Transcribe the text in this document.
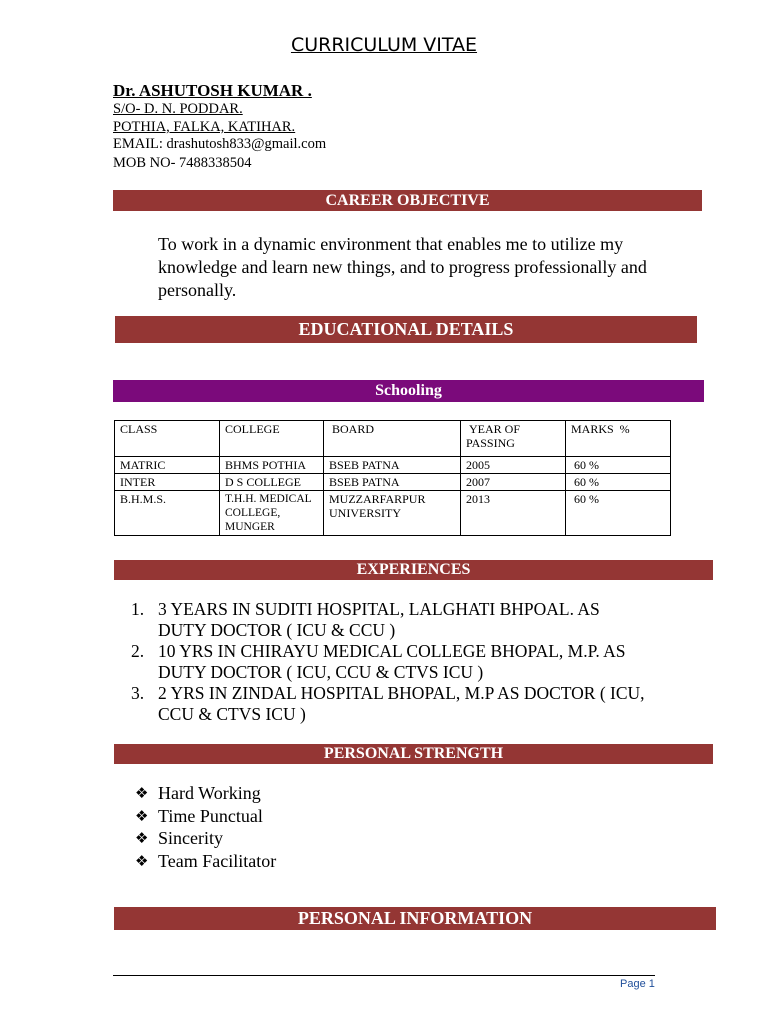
CURRICULUM VITAE
Dr. ASHUTOSH KUMAR .
S/O- D. N. PODDAR.
POTHIA, FALKA, KATIHAR.
EMAIL: drashutosh833@gmail.com
MOB NO- 7488338504
CAREER OBJECTIVE
To work in a dynamic environment that enables me to utilize my knowledge and learn new things, and to progress professionally and personally.
EDUCATIONAL DETAILS
Schooling
CLASS	COLLEGE	BOARD	YEAR OF PASSING	MARKS  %
MATRIC	BHMS POTHIA	BSEB PATNA	2005	60 %
INTER	D S COLLEGE	BSEB PATNA	2007	60 %
B.H.M.S.	T.H.H. MEDICAL COLLEGE, MUNGER	MUZZARFARPUR UNIVERSITY	2013	60 %
EXPERIENCES
1. 3 YEARS IN SUDITI HOSPITAL, LALGHATI BHPOAL. AS DUTY DOCTOR ( ICU & CCU )
2. 10 YRS IN CHIRAYU MEDICAL COLLEGE BHOPAL, M.P. AS DUTY DOCTOR ( ICU, CCU & CTVS ICU )
3. 2 YRS IN ZINDAL HOSPITAL BHOPAL, M.P AS DOCTOR ( ICU, CCU & CTVS ICU )
PERSONAL STRENGTH
❖ Hard Working
❖ Time Punctual
❖ Sincerity
❖ Team Facilitator
PERSONAL INFORMATION
Page 1
